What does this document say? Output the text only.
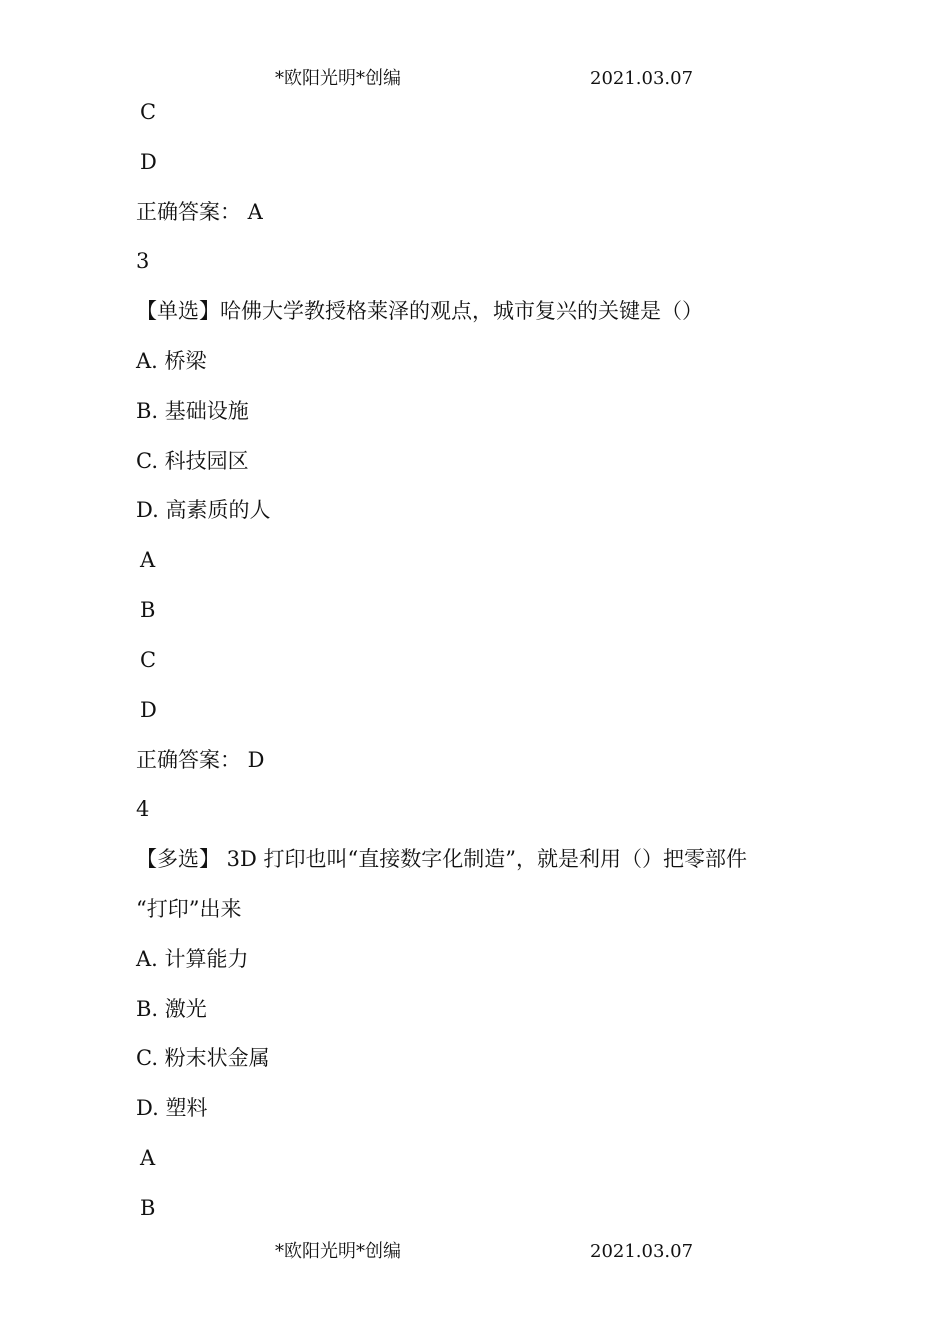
*欧阳光明*创编	2021.03.07
C
D
正确答案： A
3
【单选】哈佛大学教授格莱泽的观点，城市复兴的关键是（）
A. 桥梁
B. 基础设施
C. 科技园区
D. 高素质的人
A
B
C
D
正确答案： D
4
【多选】 3D 打印也叫“直接数字化制造”，就是利用（）把零部件
“打印”出来
A. 计算能力
B. 激光
C. 粉末状金属
D. 塑料
A
B
*欧阳光明*创编	2021.03.07
